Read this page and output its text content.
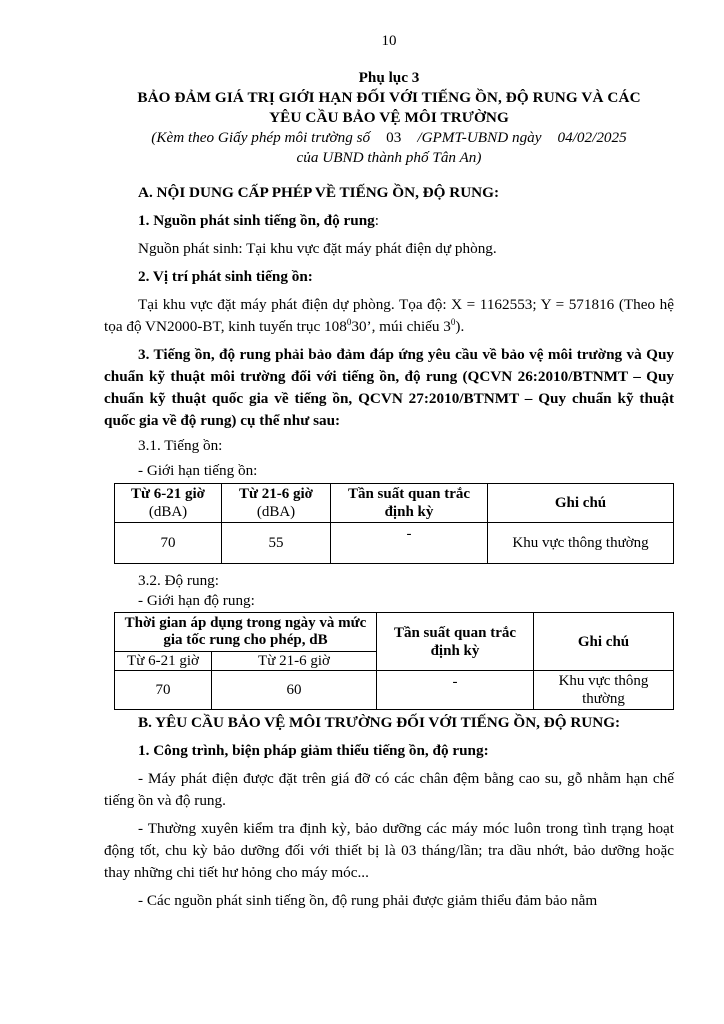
10
Phụ lục 3
BẢO ĐẢM GIÁ TRỊ GIỚI HẠN ĐỐI VỚI TIẾNG ỒN, ĐỘ RUNG VÀ CÁC
YÊU CẦU BẢO VỆ MÔI TRƯỜNG
(Kèm theo Giấy phép môi trường số 03 /GPMT-UBND ngày 04/02/2025
của UBND thành phố Tân An)
A. NỘI DUNG CẤP PHÉP VỀ TIẾNG ỒN, ĐỘ RUNG:

1. Nguồn phát sinh tiếng ồn, độ rung:

Nguồn phát sinh: Tại khu vực đặt máy phát điện dự phòng.

2. Vị trí phát sinh tiếng ồn:

Tại khu vực đặt máy phát điện dự phòng. Tọa độ: X = 1162553; Y = 571816 (Theo hệ tọa độ VN2000-BT, kinh tuyến trục $108^030$’, múi chiếu $3^0$).

3. Tiếng ồn, độ rung phải bảo đảm đáp ứng yêu cầu về bảo vệ môi trường và Quy chuẩn kỹ thuật môi trường đối với tiếng ồn, độ rung (QCVN 26:2010/BTNMT – Quy chuẩn kỹ thuật quốc gia về tiếng ồn, QCVN 27:2010/BTNMT – Quy chuẩn kỹ thuật quốc gia về độ rung) cụ thể như sau:

3.1. Tiếng ồn:

- Giới hạn tiếng ồn:

Từ 6-21 giờ
(dBA)	Từ 21-6 giờ
(dBA)	Tần suất quan trắc định kỳ	Ghi chú
70	55	-	Khu vực thông thường

3.2. Độ rung:

- Giới hạn độ rung:

Thời gian áp dụng trong ngày và mức gia tốc rung cho phép, dB		Tần suất quan trắc định kỳ	Ghi chú
Từ 6-21 giờ	Từ 21-6 giờ		
70	60	-	Khu vực thông thường
B. YÊU CẦU BẢO VỆ MÔI TRƯỜNG ĐỐI VỚI TIẾNG ỒN, ĐỘ RUNG:

1. Công trình, biện pháp giảm thiểu tiếng ồn, độ rung:

- Máy phát điện được đặt trên giá đỡ có các chân đệm bằng cao su, gỗ nhằm hạn chế tiếng ồn và độ rung.

- Thường xuyên kiểm tra định kỳ, bảo dưỡng các máy móc luôn trong tình trạng hoạt động tốt, chu kỳ bảo dưỡng đối với thiết bị là 03 tháng/lần; tra dầu nhớt, bảo dưỡng hoặc thay những chi tiết hư hỏng cho máy móc...

- Các nguồn phát sinh tiếng ồn, độ rung phải được giảm thiểu đảm bảo nằm
